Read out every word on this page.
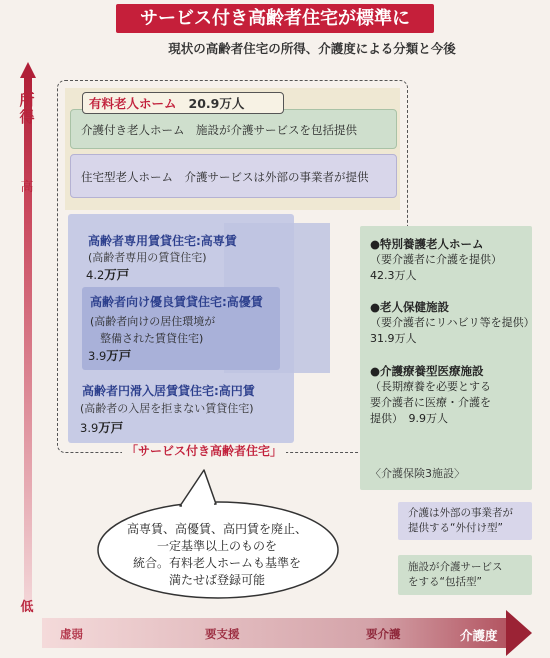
サービス付き高齢者住宅が標準に
現状の高齢者住宅の所得、介護度による分類と今後
所得
高
低
虚弱	要支援	要介護	介護度
介護付き老人ホーム　施設が介護サービスを包括提供
住宅型老人ホーム　介護サービスは外部の事業者が提供
有料老人ホーム 20.9万人
高齢者専用賃貸住宅:高専賃
(高齢者専用の賃貸住宅)
4.2万戸
高齢者向け優良賃貸住宅:高優賃
(高齢者向けの居住環境が
整備された賃貸住宅)
3.9万戸
高齢者円滑入居賃貸住宅:高円賃
(高齢者の入居を拒まない賃貸住宅)
3.9万戸
「サービス付き高齢者住宅」
高専賃、高優賃、高円賃を廃止、
一定基準以上のものを
統合。有料老人ホームも基準を
満たせば登録可能
●特別養護老人ホーム
（要介護者に介護を提供）
42.3万人
●老人保健施設
（要介護者にリハビリ等を提供）
31.9万人
●介護療養型医療施設
（長期療養を必要とする
要介護者に医療・介護を
提供）　9.9万人
〈介護保険3施設〉
介護は外部の事業者が
提供する“外付け型”
施設が介護サービス
をする“包括型”
